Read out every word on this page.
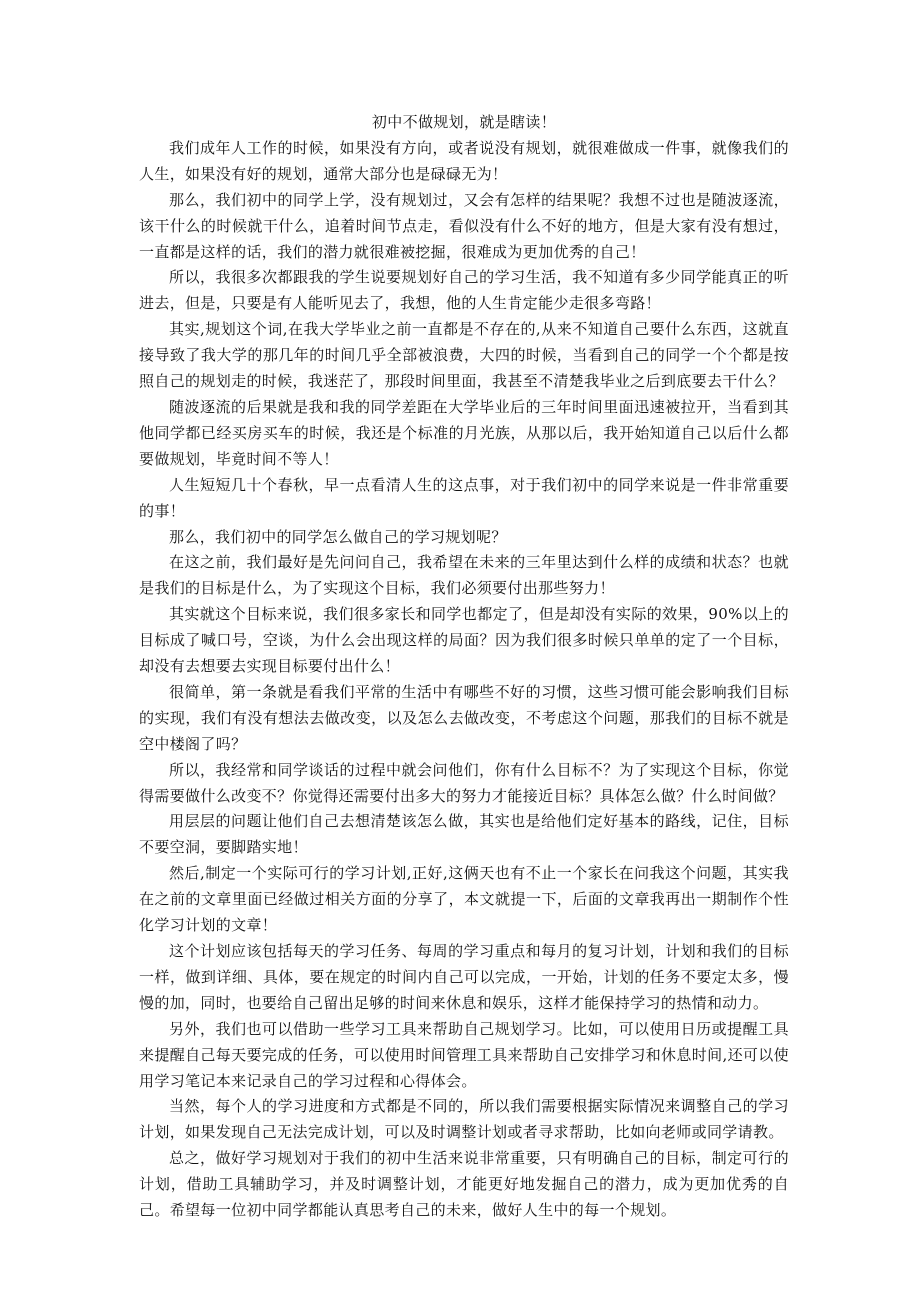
初中不做规划，就是瞎读！

我们成年人工作的时候，如果没有方向，或者说没有规划，就很难做成一件事，就像我们的人生，如果没有好的规划，通常大部分也是碌碌无为！

那么，我们初中的同学上学，没有规划过，又会有怎样的结果呢？我想不过也是随波逐流，该干什么的时候就干什么，追着时间节点走，看似没有什么不好的地方，但是大家有没有想过，一直都是这样的话，我们的潜力就很难被挖掘，很难成为更加优秀的自己！

所以，我很多次都跟我的学生说要规划好自己的学习生活，我不知道有多少同学能真正的听进去，但是，只要是有人能听见去了，我想，他的人生肯定能少走很多弯路！

其实,规划这个词,在我大学毕业之前一直都是不存在的,从来不知道自己要什么东西，这就直接导致了我大学的那几年的时间几乎全部被浪费，大四的时候，当看到自己的同学一个个都是按照自己的规划走的时候，我迷茫了，那段时间里面，我甚至不清楚我毕业之后到底要去干什么？

随波逐流的后果就是我和我的同学差距在大学毕业后的三年时间里面迅速被拉开，当看到其他同学都已经买房买车的时候，我还是个标准的月光族，从那以后，我开始知道自己以后什么都要做规划，毕竟时间不等人！

人生短短几十个春秋，早一点看清人生的这点事，对于我们初中的同学来说是一件非常重要的事！

那么，我们初中的同学怎么做自己的学习规划呢？

在这之前，我们最好是先问问自己，我希望在未来的三年里达到什么样的成绩和状态？也就是我们的目标是什么，为了实现这个目标，我们必须要付出那些努力！

其实就这个目标来说，我们很多家长和同学也都定了，但是却没有实际的效果，90%以上的目标成了喊口号，空谈，为什么会出现这样的局面？因为我们很多时候只单单的定了一个目标，却没有去想要去实现目标要付出什么！

很简单，第一条就是看我们平常的生活中有哪些不好的习惯，这些习惯可能会影响我们目标的实现，我们有没有想法去做改变，以及怎么去做改变，不考虑这个问题，那我们的目标不就是空中楼阁了吗？

所以，我经常和同学谈话的过程中就会问他们，你有什么目标不？为了实现这个目标，你觉得需要做什么改变不？你觉得还需要付出多大的努力才能接近目标？具体怎么做？什么时间做？

用层层的问题让他们自己去想清楚该怎么做，其实也是给他们定好基本的路线，记住，目标不要空洞，要脚踏实地！

然后,制定一个实际可行的学习计划,正好,这俩天也有不止一个家长在问我这个问题，其实我在之前的文章里面已经做过相关方面的分享了，本文就提一下，后面的文章我再出一期制作个性化学习计划的文章！

这个计划应该包括每天的学习任务、每周的学习重点和每月的复习计划，计划和我们的目标一样，做到详细、具体，要在规定的时间内自己可以完成，一开始，计划的任务不要定太多，慢慢的加，同时，也要给自己留出足够的时间来休息和娱乐，这样才能保持学习的热情和动力。

另外，我们也可以借助一些学习工具来帮助自己规划学习。比如，可以使用日历或提醒工具来提醒自己每天要完成的任务，可以使用时间管理工具来帮助自己安排学习和休息时间,还可以使用学习笔记本来记录自己的学习过程和心得体会。

当然，每个人的学习进度和方式都是不同的，所以我们需要根据实际情况来调整自己的学习计划，如果发现自己无法完成计划，可以及时调整计划或者寻求帮助，比如向老师或同学请教。

总之，做好学习规划对于我们的初中生活来说非常重要，只有明确自己的目标，制定可行的计划，借助工具辅助学习，并及时调整计划，才能更好地发掘自己的潜力，成为更加优秀的自己。希望每一位初中同学都能认真思考自己的未来，做好人生中的每一个规划。
